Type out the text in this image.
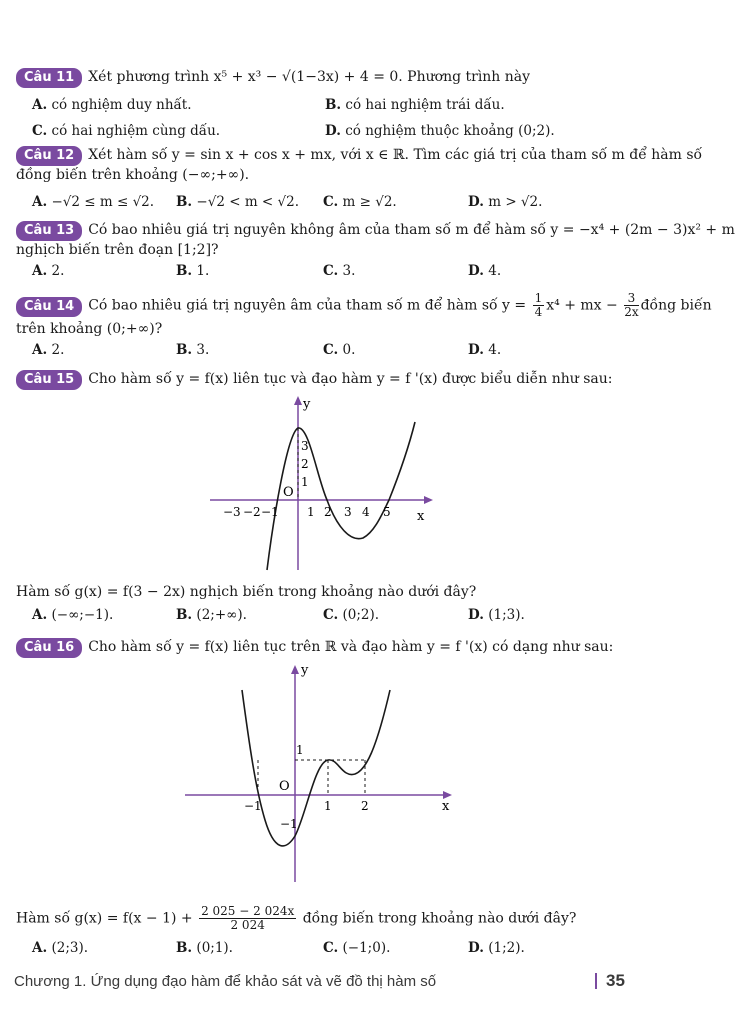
Câu 11 Xét phương trình x⁵ + x³ − √(1−3x) + 4 = 0. Phương trình này
A. có nghiệm duy nhất.	B. có hai nghiệm trái dấu.
C. có hai nghiệm cùng dấu.	D. có nghiệm thuộc khoảng (0;2).
Câu 12 Xét hàm số y = sin x + cos x + mx, với x ∈ ℝ. Tìm các giá trị của tham số m để hàm số
đồng biến trên khoảng (−∞;+∞).
A. −√2 ≤ m ≤ √2. B. −√2 < m < √2. C. m ≥ √2.	D. m > √2.
Câu 13 Có bao nhiêu giá trị nguyên không âm của tham số m để hàm số y = −x⁴ + (2m − 3)x² + m
nghịch biến trên đoạn [1;2]?
A. 2.	B. 1.	C. 3.	D. 4.
Câu 14 Có bao nhiêu giá trị nguyên âm của tham số m để hàm số $y = \frac{1}{4} x^4$ + mx − $\frac{3}{2x}$ đồng biến
trên khoảng (0;+∞)?
A. 2.	B. 3.	C. 0.	D. 4.
Câu 15 Cho hàm số y = f(x) liên tục và đạo hàm y = f '(x) được biểu diễn như sau:
y
x
O
−3 −2 −1 1 2 3 4 5
3
2
1
Hàm số g(x) = f(3 − 2x) nghịch biến trong khoảng nào dưới đây?
A. (−∞;−1).	B. (2;+∞).	C. (0;2).	D. (1;3).
Câu 16 Cho hàm số y = f(x) liên tục trên ℝ và đạo hàm y = f '(x) có dạng như sau:
y
x
O
−1	1 2
1
−1
Hàm số $g(x) = f(x - 1) + \frac{2 025 - 2 024x}{2 024}$ đồng biến trong khoảng nào dưới đây?
A. (2;3).	B. (0;1).	C. (−1;0).	D. (1;2).
Chương 1. Ứng dụng đạo hàm để khảo sát và vẽ đồ thị hàm số	35
